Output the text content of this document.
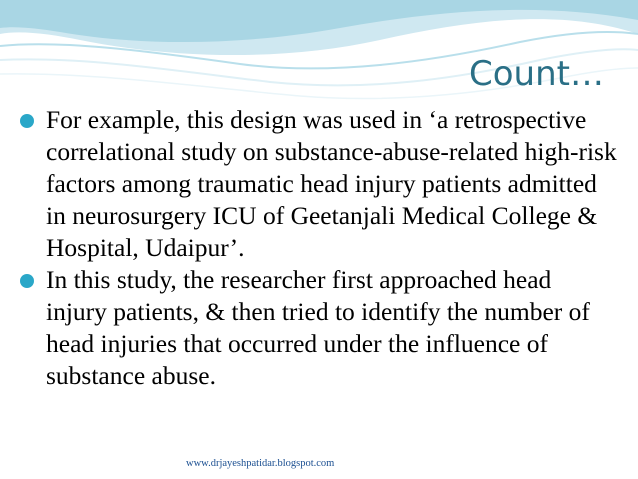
Count…
For example, this design was used in ‘a retrospective correlational study on substance-abuse-related high-risk factors among traumatic head injury patients admitted in neurosurgery ICU of Geetanjali Medical College & Hospital, Udaipur’.
In this study, the researcher first approached head injury patients, & then tried to identify the number of head injuries that occurred under the influence of substance abuse.
www.drjayeshpatidar.blogspot.com
